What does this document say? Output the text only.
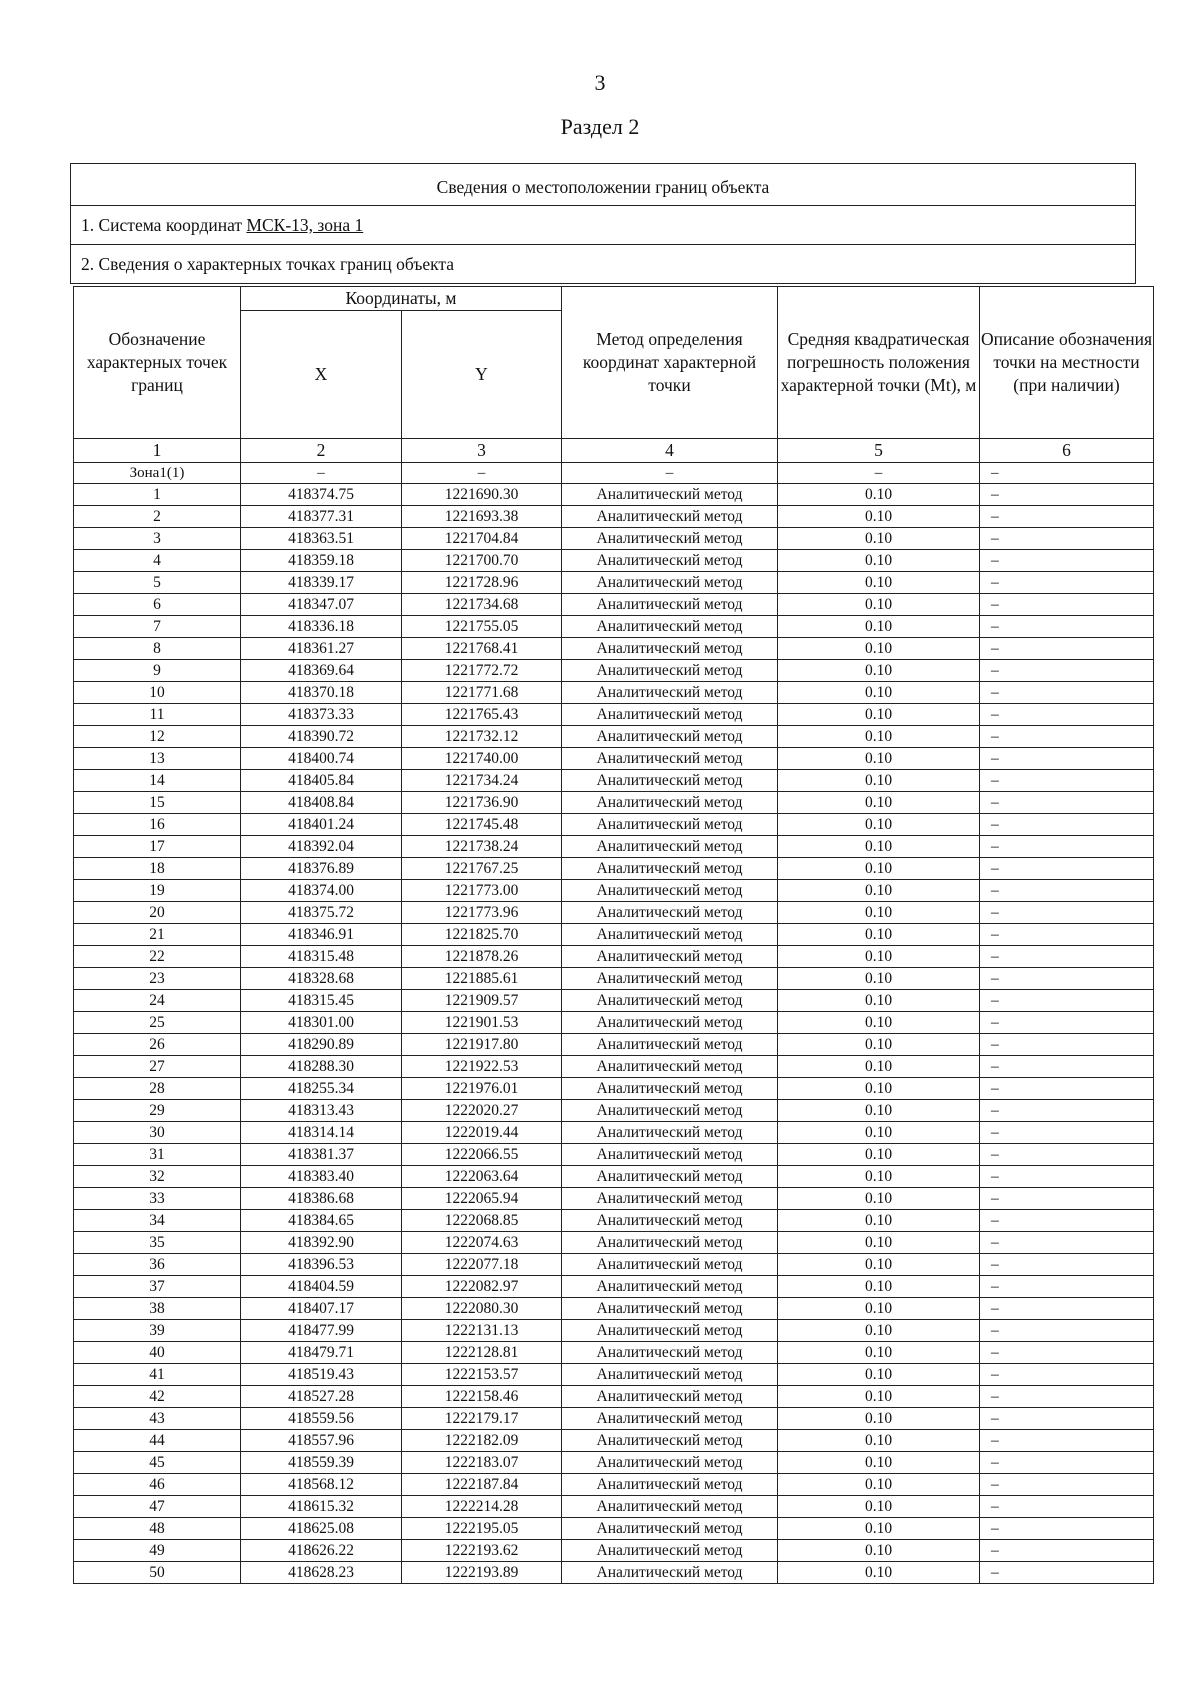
3
Раздел 2
Сведения о местоположении границ объекта
1. Система координат МСК-13, зона 1
2. Сведения о характерных точках границ объекта
Обозначение характерных точек границ	Координаты, м		Метод определения координат характерной точки	Средняя квадратическая погрешность положения характерной точки (Mt), м	Описание обозначения точки на местности (при наличии)
	X	Y			
1	2	3	4	5	6
Зона1(1)	–	–	–	–	–
1	418374.75	1221690.30	Аналитический метод	0.10	–
2	418377.31	1221693.38	Аналитический метод	0.10	–
3	418363.51	1221704.84	Аналитический метод	0.10	–
4	418359.18	1221700.70	Аналитический метод	0.10	–
5	418339.17	1221728.96	Аналитический метод	0.10	–
6	418347.07	1221734.68	Аналитический метод	0.10	–
7	418336.18	1221755.05	Аналитический метод	0.10	–
8	418361.27	1221768.41	Аналитический метод	0.10	–
9	418369.64	1221772.72	Аналитический метод	0.10	–
10	418370.18	1221771.68	Аналитический метод	0.10	–
11	418373.33	1221765.43	Аналитический метод	0.10	–
12	418390.72	1221732.12	Аналитический метод	0.10	–
13	418400.74	1221740.00	Аналитический метод	0.10	–
14	418405.84	1221734.24	Аналитический метод	0.10	–
15	418408.84	1221736.90	Аналитический метод	0.10	–
16	418401.24	1221745.48	Аналитический метод	0.10	–
17	418392.04	1221738.24	Аналитический метод	0.10	–
18	418376.89	1221767.25	Аналитический метод	0.10	–
19	418374.00	1221773.00	Аналитический метод	0.10	–
20	418375.72	1221773.96	Аналитический метод	0.10	–
21	418346.91	1221825.70	Аналитический метод	0.10	–
22	418315.48	1221878.26	Аналитический метод	0.10	–
23	418328.68	1221885.61	Аналитический метод	0.10	–
24	418315.45	1221909.57	Аналитический метод	0.10	–
25	418301.00	1221901.53	Аналитический метод	0.10	–
26	418290.89	1221917.80	Аналитический метод	0.10	–
27	418288.30	1221922.53	Аналитический метод	0.10	–
28	418255.34	1221976.01	Аналитический метод	0.10	–
29	418313.43	1222020.27	Аналитический метод	0.10	–
30	418314.14	1222019.44	Аналитический метод	0.10	–
31	418381.37	1222066.55	Аналитический метод	0.10	–
32	418383.40	1222063.64	Аналитический метод	0.10	–
33	418386.68	1222065.94	Аналитический метод	0.10	–
34	418384.65	1222068.85	Аналитический метод	0.10	–
35	418392.90	1222074.63	Аналитический метод	0.10	–
36	418396.53	1222077.18	Аналитический метод	0.10	–
37	418404.59	1222082.97	Аналитический метод	0.10	–
38	418407.17	1222080.30	Аналитический метод	0.10	–
39	418477.99	1222131.13	Аналитический метод	0.10	–
40	418479.71	1222128.81	Аналитический метод	0.10	–
41	418519.43	1222153.57	Аналитический метод	0.10	–
42	418527.28	1222158.46	Аналитический метод	0.10	–
43	418559.56	1222179.17	Аналитический метод	0.10	–
44	418557.96	1222182.09	Аналитический метод	0.10	–
45	418559.39	1222183.07	Аналитический метод	0.10	–
46	418568.12	1222187.84	Аналитический метод	0.10	–
47	418615.32	1222214.28	Аналитический метод	0.10	–
48	418625.08	1222195.05	Аналитический метод	0.10	–
49	418626.22	1222193.62	Аналитический метод	0.10	–
50	418628.23	1222193.89	Аналитический метод	0.10	–
